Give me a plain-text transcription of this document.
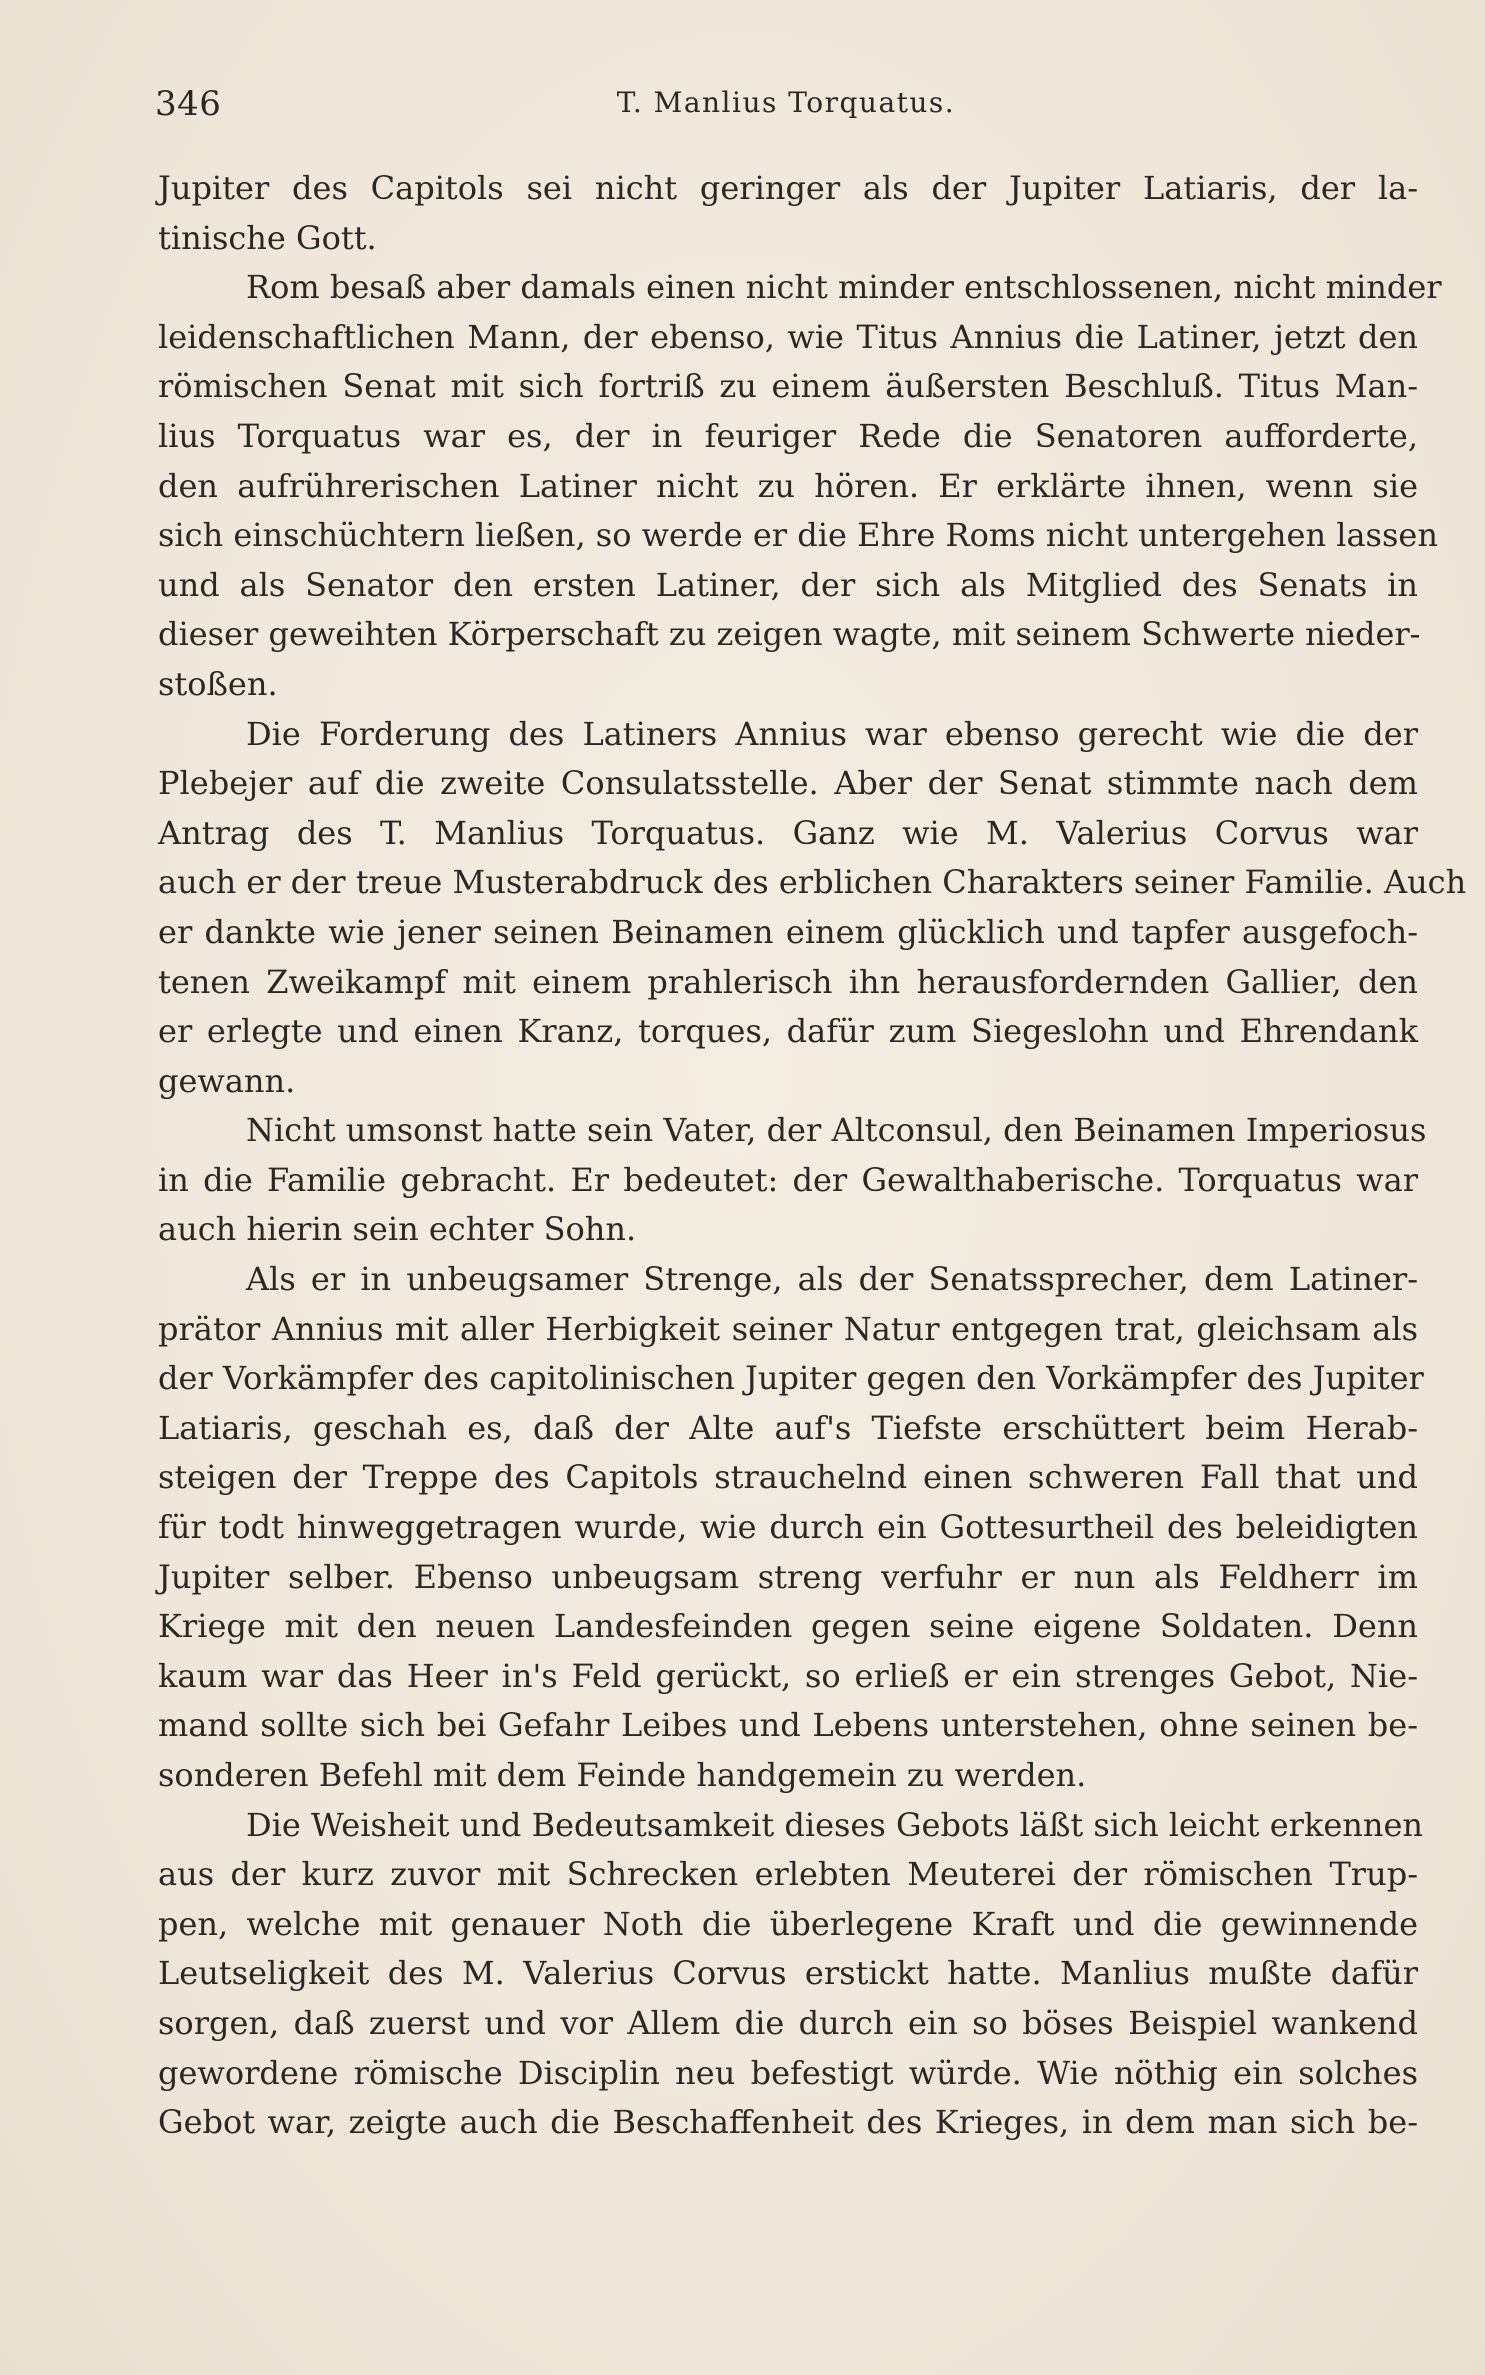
346	T. Manlius Torquatus.
Jupiter des Capitols sei nicht geringer als der Jupiter Latiaris, der la-
tinische Gott.
Rom besaß aber damals einen nicht minder entschlossenen, nicht minder
leidenschaftlichen Mann, der ebenso, wie Titus Annius die Latiner, jetzt den
römischen Senat mit sich fortriß zu einem äußersten Beschluß. Titus Man-
lius Torquatus war es, der in feuriger Rede die Senatoren aufforderte,
den aufrührerischen Latiner nicht zu hören. Er erklärte ihnen, wenn sie
sich einschüchtern ließen, so werde er die Ehre Roms nicht untergehen lassen
und als Senator den ersten Latiner, der sich als Mitglied des Senats in
dieser geweihten Körperschaft zu zeigen wagte, mit seinem Schwerte nieder-
stoßen.
Die Forderung des Latiners Annius war ebenso gerecht wie die der
Plebejer auf die zweite Consulatsstelle. Aber der Senat stimmte nach dem
Antrag des T. Manlius Torquatus. Ganz wie M. Valerius Corvus war
auch er der treue Musterabdruck des erblichen Charakters seiner Familie. Auch
er dankte wie jener seinen Beinamen einem glücklich und tapfer ausgefoch-
tenen Zweikampf mit einem prahlerisch ihn herausfordernden Gallier, den
er erlegte und einen Kranz, torques, dafür zum Siegeslohn und Ehrendank
gewann.
Nicht umsonst hatte sein Vater, der Altconsul, den Beinamen Imperiosus
in die Familie gebracht. Er bedeutet: der Gewalthaberische. Torquatus war
auch hierin sein echter Sohn.
Als er in unbeugsamer Strenge, als der Senatssprecher, dem Latiner-
prätor Annius mit aller Herbigkeit seiner Natur entgegen trat, gleichsam als
der Vorkämpfer des capitolinischen Jupiter gegen den Vorkämpfer des Jupiter
Latiaris, geschah es, daß der Alte auf's Tiefste erschüttert beim Herab-
steigen der Treppe des Capitols strauchelnd einen schweren Fall that und
für todt hinweggetragen wurde, wie durch ein Gottesurtheil des beleidigten
Jupiter selber. Ebenso unbeugsam streng verfuhr er nun als Feldherr im
Kriege mit den neuen Landesfeinden gegen seine eigene Soldaten. Denn
kaum war das Heer in's Feld gerückt, so erließ er ein strenges Gebot, Nie-
mand sollte sich bei Gefahr Leibes und Lebens unterstehen, ohne seinen be-
sonderen Befehl mit dem Feinde handgemein zu werden.
Die Weisheit und Bedeutsamkeit dieses Gebots läßt sich leicht erkennen
aus der kurz zuvor mit Schrecken erlebten Meuterei der römischen Trup-
pen, welche mit genauer Noth die überlegene Kraft und die gewinnende
Leutseligkeit des M. Valerius Corvus erstickt hatte. Manlius mußte dafür
sorgen, daß zuerst und vor Allem die durch ein so böses Beispiel wankend
gewordene römische Disciplin neu befestigt würde. Wie nöthig ein solches
Gebot war, zeigte auch die Beschaffenheit des Krieges, in dem man sich be-
